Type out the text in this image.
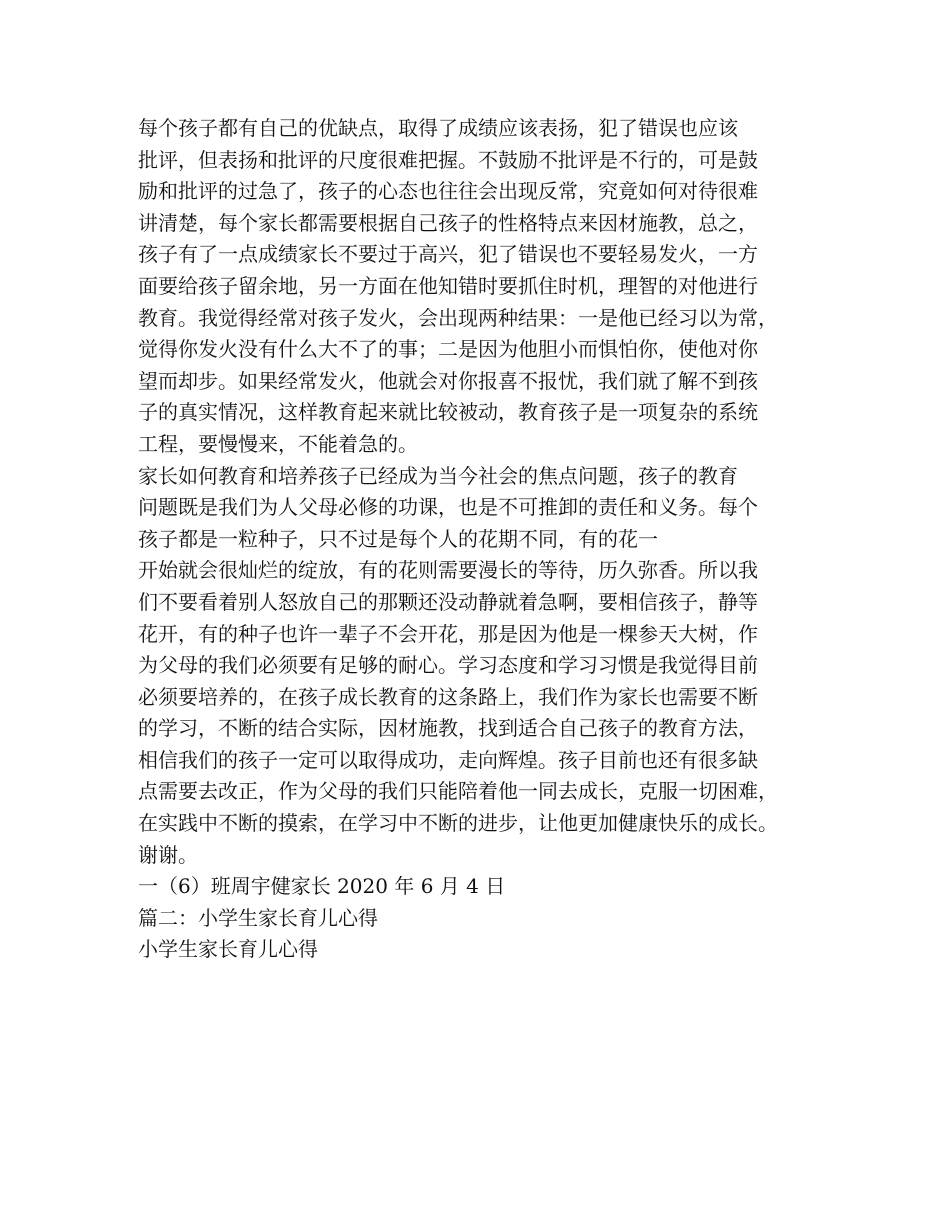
每个孩子都有自己的优缺点，取得了成绩应该表扬，犯了错误也应该
批评，但表扬和批评的尺度很难把握。不鼓励不批评是不行的，可是鼓
励和批评的过急了，孩子的心态也往往会出现反常，究竟如何对待很难
讲清楚，每个家长都需要根据自己孩子的性格特点来因材施教，总之，
孩子有了一点成绩家长不要过于高兴，犯了错误也不要轻易发火，一方
面要给孩子留余地，另一方面在他知错时要抓住时机，理智的对他进行
教育。我觉得经常对孩子发火，会出现两种结果：一是他已经习以为常，
觉得你发火没有什么大不了的事；二是因为他胆小而惧怕你，使他对你
望而却步。如果经常发火，他就会对你报喜不报忧，我们就了解不到孩
子的真实情况，这样教育起来就比较被动，教育孩子是一项复杂的系统
工程，要慢慢来，不能着急的。
家长如何教育和培养孩子已经成为当今社会的焦点问题，孩子的教育
问题既是我们为人父母必修的功课，也是不可推卸的责任和义务。每个
孩子都是一粒种子，只不过是每个人的花期不同，有的花一
开始就会很灿烂的绽放，有的花则需要漫长的等待，历久弥香。所以我
们不要看着别人怒放自己的那颗还没动静就着急啊，要相信孩子，静等
花开，有的种子也许一辈子不会开花，那是因为他是一棵参天大树，作
为父母的我们必须要有足够的耐心。学习态度和学习习惯是我觉得目前
必须要培养的，在孩子成长教育的这条路上，我们作为家长也需要不断
的学习，不断的结合实际，因材施教，找到适合自己孩子的教育方法，
相信我们的孩子一定可以取得成功，走向辉煌。孩子目前也还有很多缺
点需要去改正，作为父母的我们只能陪着他一同去成长，克服一切困难，
在实践中不断的摸索，在学习中不断的进步，让他更加健康快乐的成长。
谢谢。
一（6）班周宇健家长 2020 年 6 月 4 日
篇二：小学生家长育儿心得
小学生家长育儿心得
